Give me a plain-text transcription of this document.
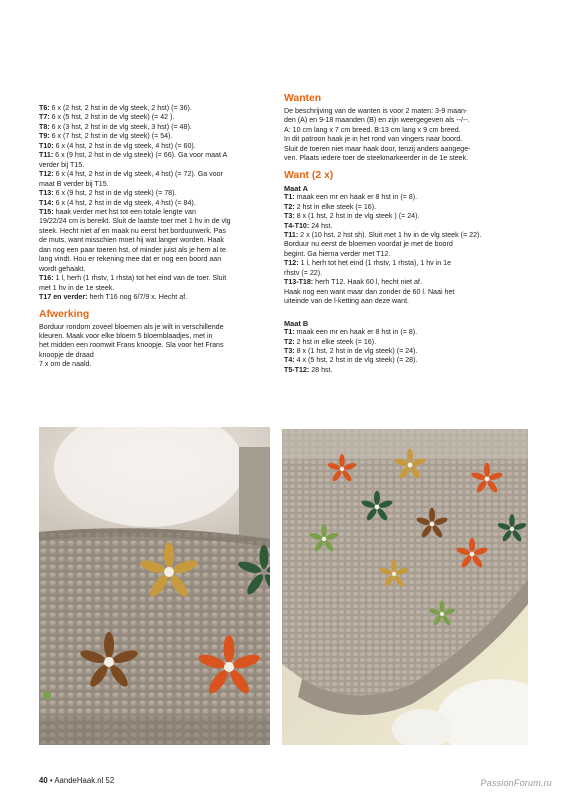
T6: 6 x (2 hst, 2 hst in de vlg steek, 2 hst) (= 36).
T7: 6 x (5 hst, 2 hst in de vlg steek) (= 42 ).
T8: 6 x (3 hst, 2 hst in de vlg steek, 3 hst) (= 48).
T9: 6 x (7 hst, 2 hst in de vlg steek) (= 54).
T10: 6 x (4 hst, 2 hst in de vlg steek, 4 hst) (= 60).
T11: 6 x (9 hst, 2 hst in de vlg steek) (= 66). Ga voor maat A
verder bij T15.
T12: 6 x (4 hst, 2 hst in de vlg steek, 4 hst) (= 72). Ga voor
maat B verder bij T15.
T13: 6 x (9 hst, 2 hst in de vlg steek) (= 78).
T14: 6 x (4 hst, 2 hst in de vlg steek, 4 hst) (= 84).
T15: haak verder met hst tot een totale lengte van
19/22/24 cm is bereikt. Sluit de laatste toer met 1 hv in de vlg
steek. Hecht niet af en maak nu eerst het borduurwerk. Pas
de muts, want misschien moet hij wat langer worden. Haak
dan nog een paar toeren hst, of minder juist als je hem al te
lang vindt. Hou er rekening mee dat er nog een boord aan
wordt gehaakt.
T16: 1 l, herh (1 rhstv, 1 rhsta) tot het eind van de toer. Sluit
met 1 hv in de 1e steek.
T17 en verder: herh T16 nog 6/7/9 x. Hecht af.
Afwerking
Borduur rondom zoveel bloemen als je wilt in verschillende
kleuren. Maak voor elke bloem 5 bloemblaadjes, met in
het midden een roomwit Frans knoopje. Sla voor het Frans
knoopje de draad
7 x om de naald.
Wanten
De beschrijving van de wanten is voor 2 maten: 3-9 maan-
den (A) en 9-18 maanden (B) en zijn weergegeven als --/--.
A: 10 cm lang x 7 cm breed. B:13 cm lang x 9 cm breed.
In dit patroon haak je in het rond van vingers naar boord.
Sluit de toeren niet maar haak door, tenzij anders aangege-
ven. Plaats iedere toer de steekmarkeerder in de 1e steek.
Want (2 x)
Maat A
T1: maak een mr en haak er 8 hst in (= 8).
T2: 2 hst in elke steek (= 16).
T3: 8 x (1 hst, 2 hst in de vlg steek ) (= 24).
T4-T10: 24 hst.
T11: 2 x (10 hst, 2 hst sh). Sluit met 1 hv in de vlg steek (= 22).
Borduur nu eerst de bloemen voordat je met de boord
begint. Ga hierna verder met T12.
T12: 1 l, herh tot het eind (1 rhstv, 1 rhsta), 1 hv in 1e
rhstv (= 22).
T13-T18: herh T12. Haak 60 l, hecht niet af.
Haak nog een want maar dan zonder de 60 l. Naai het
uiteinde van de l-ketting aan deze want.
Maat B
T1: maak een mr en haak er 8 hst in (= 8).
T2: 2 hst in elke steek (= 16).
T3: 8 x (1 hst, 2 hst in de vlg steek) (= 24).
T4: 4 x (5 hst, 2 hst in de vlg steek) (= 28).
T5-T12: 28 hst.
40 • AandeHaak.nl 52	PassionForum.ru
